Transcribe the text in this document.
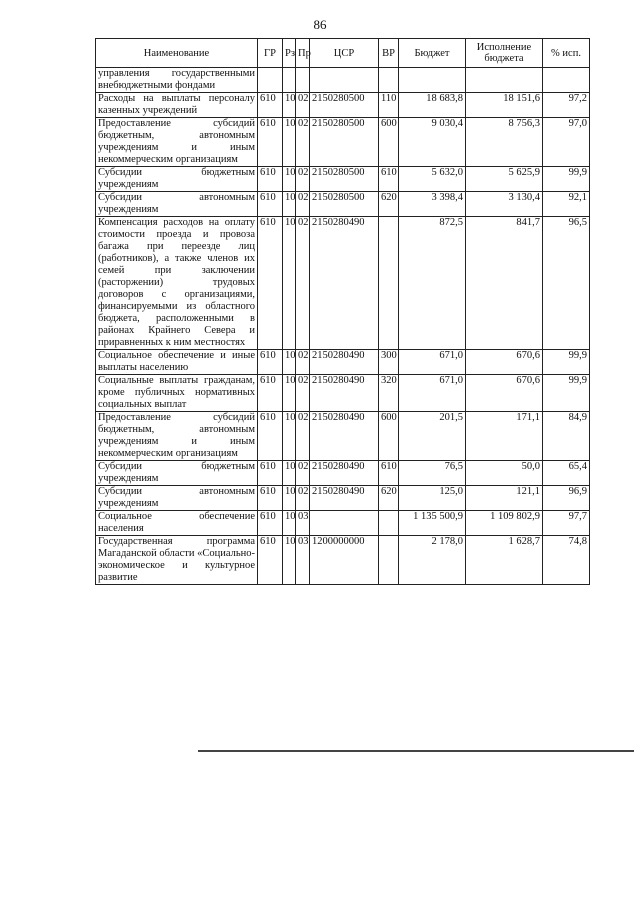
86
Наименование	ГР	Рз	Пр	ЦСР	ВР	Бюджет	Исполнение бюджета	% исп.
управления государственными внебюджетными фондами								
Расходы на выплаты персоналу казенных учреждений	610	10	02	2150280500	110	18 683,8	18 151,6	97,2
Предоставление субсидий бюджетным, автономным учреждениям и иным некоммерческим организациям	610	10	02	2150280500	600	9 030,4	8 756,3	97,0
Субсидии бюджетным учреждениям	610	10	02	2150280500	610	5 632,0	5 625,9	99,9
Субсидии автономным учреждениям	610	10	02	2150280500	620	3 398,4	3 130,4	92,1
Компенсация расходов на оплату стоимости проезда и провоза багажа при переезде лиц (работников), а также членов их семей при заключении (расторжении) трудовых договоров с организациями, финансируемыми из областного бюджета, расположенными в районах Крайнего Севера и приравненных к ним местностях	610	10	02	2150280490		872,5	841,7	96,5
Социальное обеспечение и иные выплаты населению	610	10	02	2150280490	300	671,0	670,6	99,9
Социальные выплаты гражданам, кроме публичных нормативных социальных выплат	610	10	02	2150280490	320	671,0	670,6	99,9
Предоставление субсидий бюджетным, автономным учреждениям и иным некоммерческим организациям	610	10	02	2150280490	600	201,5	171,1	84,9
Субсидии бюджетным учреждениям	610	10	02	2150280490	610	76,5	50,0	65,4
Субсидии автономным учреждениям	610	10	02	2150280490	620	125,0	121,1	96,9
Социальное обеспечение населения	610	10	03			1 135 500,9	1 109 802,9	97,7
Государственная программа Магаданской области «Социально-экономическое и культурное развитие	610	10	03	1200000000		2 178,0	1 628,7	74,8
